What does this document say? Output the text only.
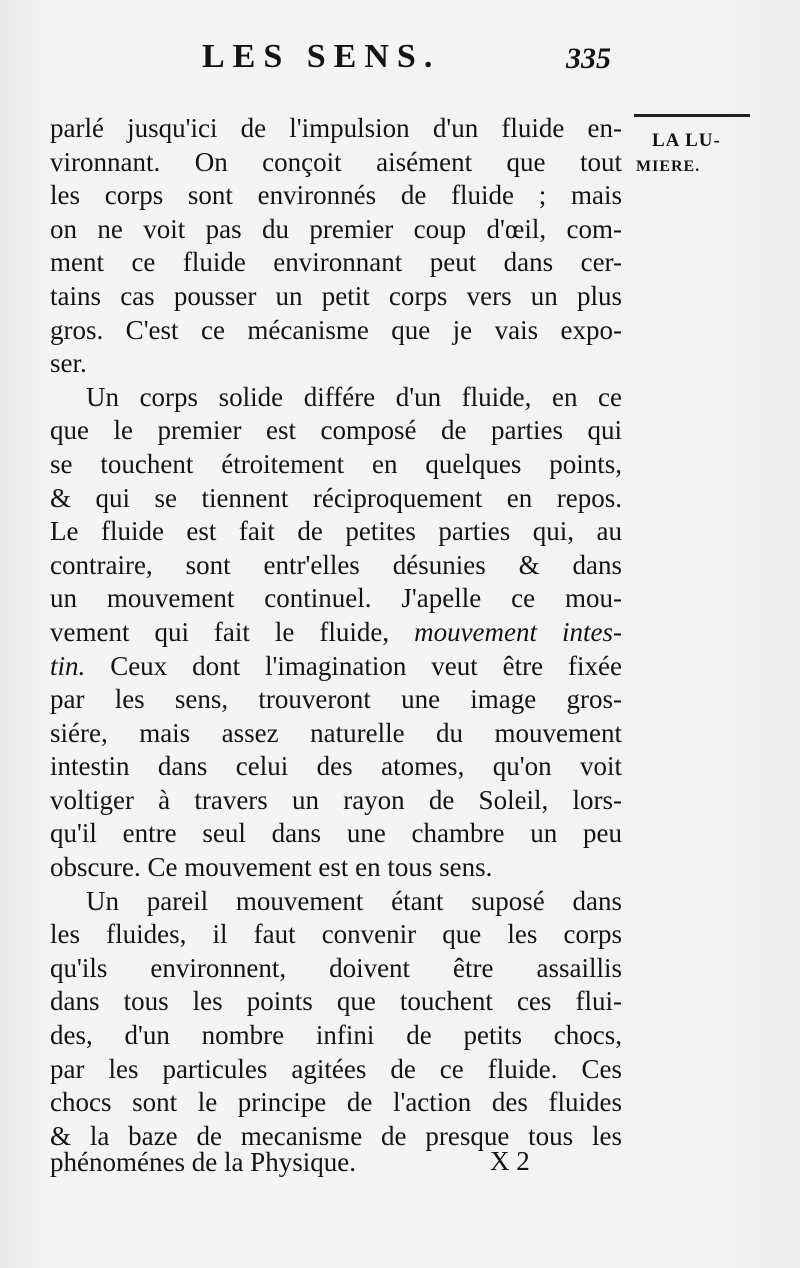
LES SENS.	335
LA LU-
MIERE.
parlé jusqu'ici de l'impulsion d'un fluide en-
vironnant. On conçoit aisément que tout
les corps sont environnés de fluide ; mais
on ne voit pas du premier coup d'œil, com-
ment ce fluide environnant peut dans cer-
tains cas pousser un petit corps vers un plus
gros. C'est ce mécanisme que je vais expo-
ser.
Un corps solide différe d'un fluide, en ce
que le premier est composé de parties qui
se touchent étroitement en quelques points,
& qui se tiennent réciproquement en repos.
Le fluide est fait de petites parties qui, au
contraire, sont entr'elles désunies & dans
un mouvement continuel. J'apelle ce mou-
vement qui fait le fluide, mouvement intes-
tin. Ceux dont l'imagination veut être fixée
par les sens, trouveront une image gros-
siére, mais assez naturelle du mouvement
intestin dans celui des atomes, qu'on voit
voltiger à travers un rayon de Soleil, lors-
qu'il entre seul dans une chambre un peu
obscure. Ce mouvement est en tous sens.
Un pareil mouvement étant suposé dans
les fluides, il faut convenir que les corps
qu'ils environnent, doivent être assaillis
dans tous les points que touchent ces flui-
des, d'un nombre infini de petits chocs,
par les particules agitées de ce fluide. Ces
chocs sont le principe de l'action des fluides
& la baze de mecanisme de presque tous les
phénoménes de la Physique.	X 2
